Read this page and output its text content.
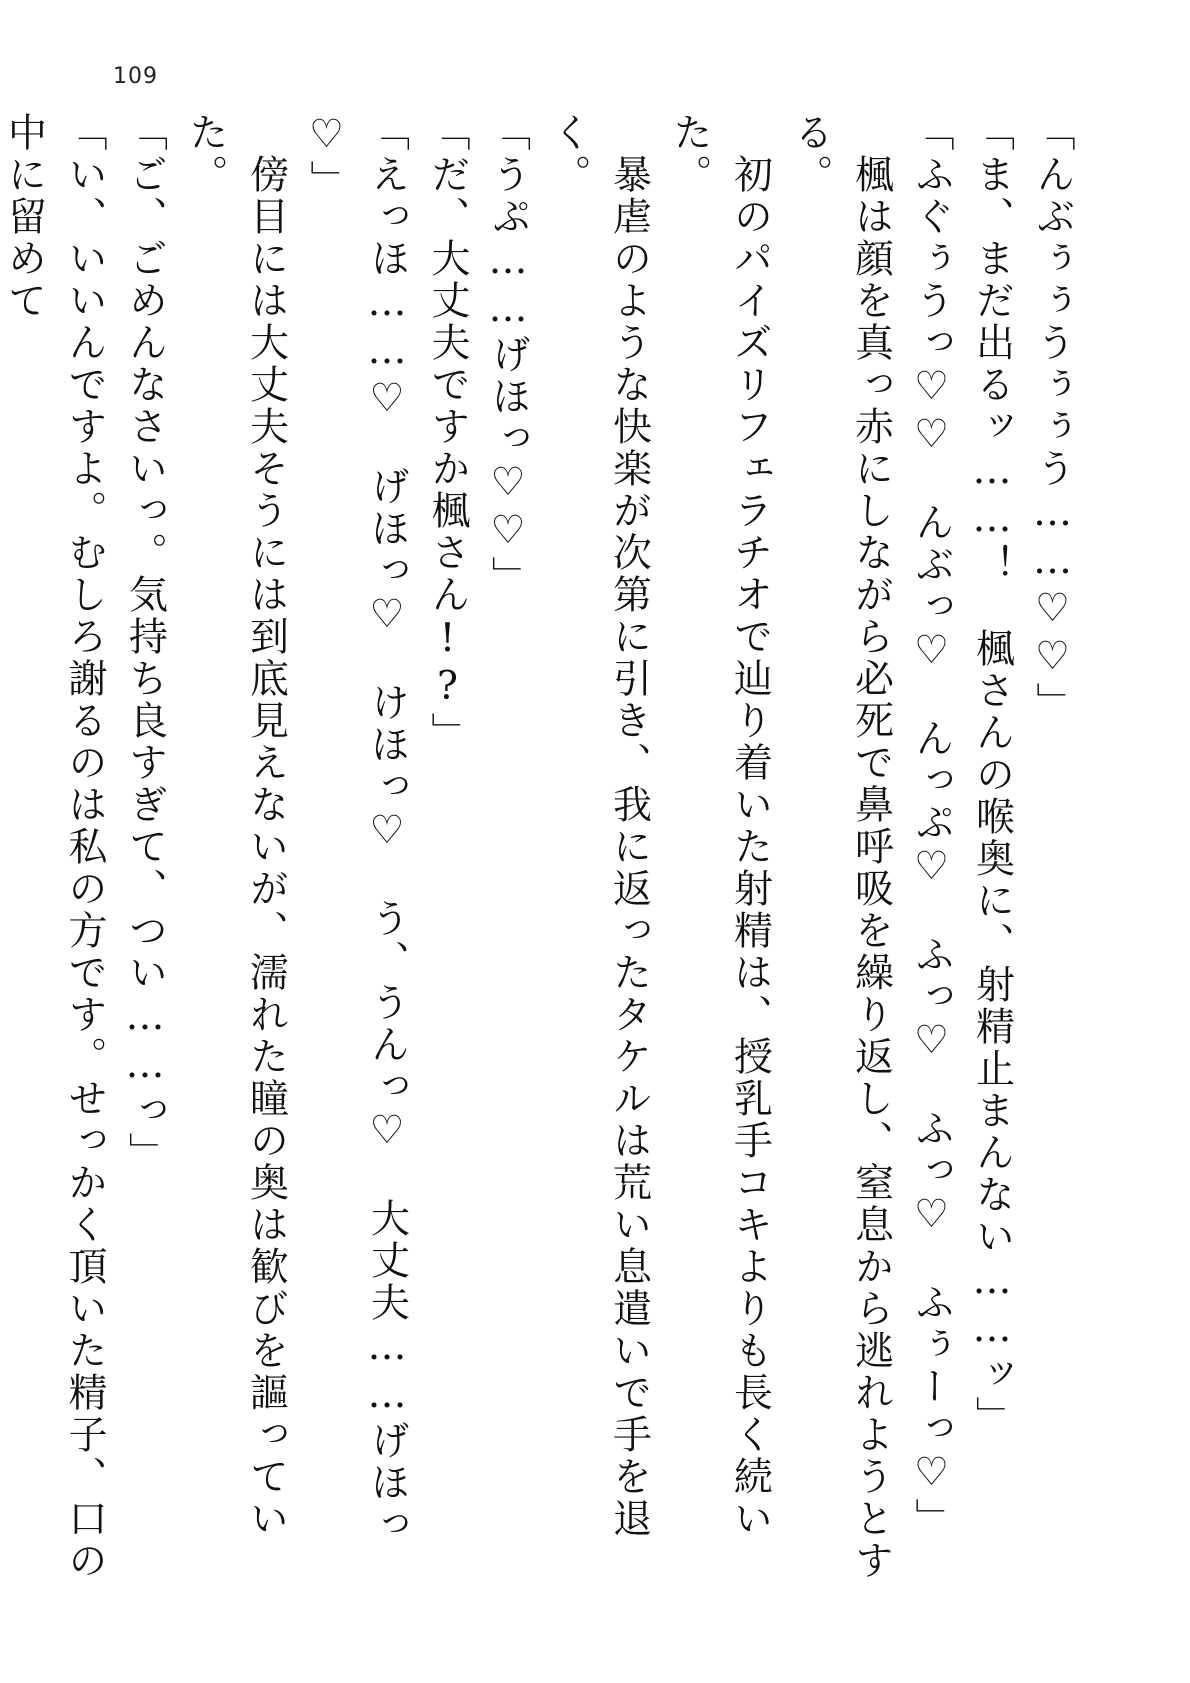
109

「んぶぅぅうぅぅう……♡♡」

「ま、まだ出るッ……！　楓さんの喉奥に、射精止まんない……ッ」

「ふぐぅうっ♡♡　んぶっ♡　んっぷ♡　ふっ♡　ふっ♡　ふぅーっ♡」

　楓は顔を真っ赤にしながら必死で鼻呼吸を繰り返し、窒息から逃れようとする。

　初のパイズリフェラチオで辿り着いた射精は、授乳手コキよりも長く続いた。

　暴虐のような快楽が次第に引き、我に返ったタケルは荒い息遣いで手を退く。

「うぷ……げほっ♡♡」

「だ、大丈夫ですか楓さん!?」

「えっほ……♡　げほっ♡　けほっ♡　う、うんっ♡　大丈夫……げほっ♡」

　傍目には大丈夫そうには到底見えないが、濡れた瞳の奥は歓びを謳っていた。

「ご、ごめんなさいっ。気持ち良すぎて、つい……っ」

「い、いいんですよ。むしろ謝るのは私の方です。せっかく頂いた精子、口の中に留めて
